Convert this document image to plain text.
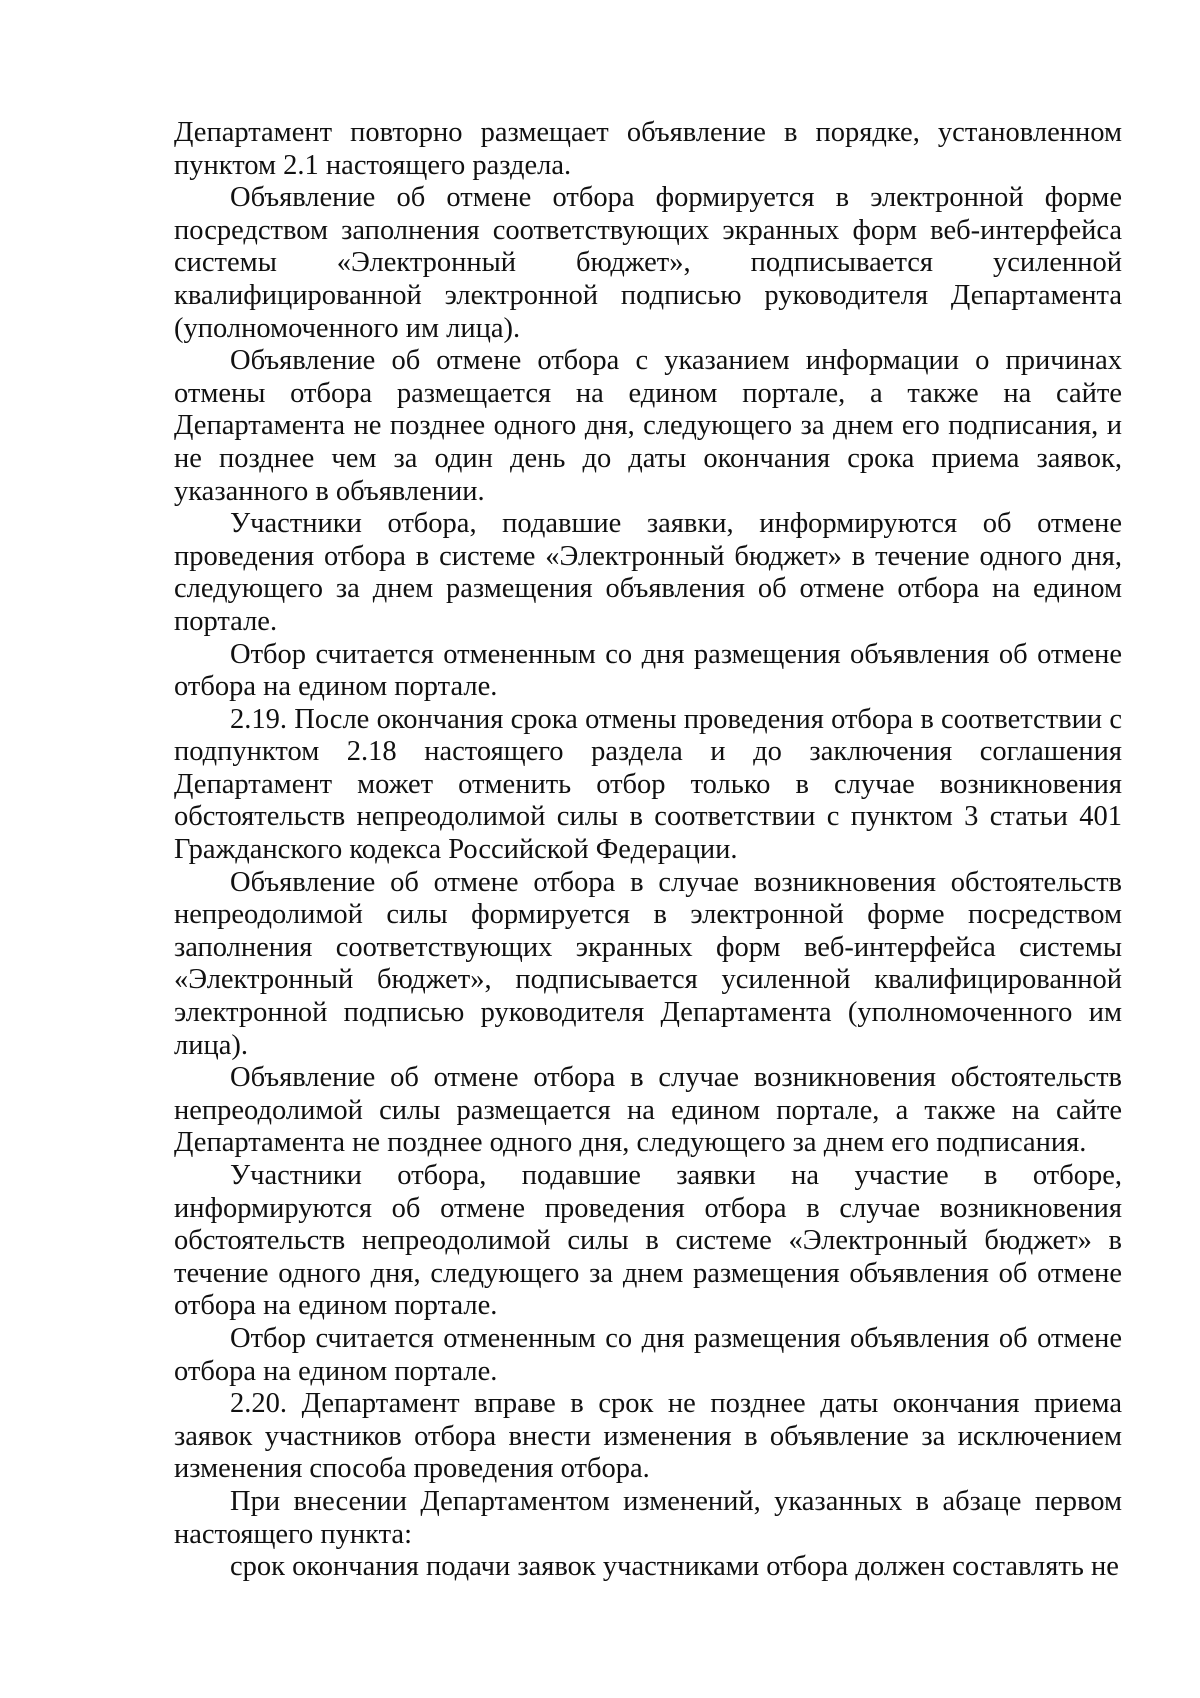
Департамент повторно размещает объявление в порядке, установленном пунктом 2.1 настоящего раздела.

Объявление об отмене отбора формируется в электронной форме посредством заполнения соответствующих экранных форм веб-интерфейса системы «Электронный бюджет», подписывается усиленной квалифицированной электронной подписью руководителя Департамента (уполномоченного им лица).

Объявление об отмене отбора с указанием информации о причинах отмены отбора размещается на едином портале, а также на сайте Департамента не позднее одного дня, следующего за днем его подписания, и не позднее чем за один день до даты окончания срока приема заявок, указанного в объявлении.

Участники отбора, подавшие заявки, информируются об отмене проведения отбора в системе «Электронный бюджет» в течение одного дня, следующего за днем размещения объявления об отмене отбора на едином портале.

Отбор считается отмененным со дня размещения объявления об отмене отбора на едином портале.

2.19. После окончания срока отмены проведения отбора в соответствии с подпунктом 2.18 настоящего раздела и до заключения соглашения Департамент может отменить отбор только в случае возникновения обстоятельств непреодолимой силы в соответствии с пунктом 3 статьи 401 Гражданского кодекса Российской Федерации.

Объявление об отмене отбора в случае возникновения обстоятельств непреодолимой силы формируется в электронной форме посредством заполнения соответствующих экранных форм веб-интерфейса системы «Электронный бюджет», подписывается усиленной квалифицированной электронной подписью руководителя Департамента (уполномоченного им лица).

Объявление об отмене отбора в случае возникновения обстоятельств непреодолимой силы размещается на едином портале, а также на сайте Департамента не позднее одного дня, следующего за днем его подписания.

Участники отбора, подавшие заявки на участие в отборе, информируются об отмене проведения отбора в случае возникновения обстоятельств непреодолимой силы в системе «Электронный бюджет» в течение одного дня, следующего за днем размещения объявления об отмене отбора на едином портале.

Отбор считается отмененным со дня размещения объявления об отмене отбора на едином портале.

2.20. Департамент вправе в срок не позднее даты окончания приема заявок участников отбора внести изменения в объявление за исключением изменения способа проведения отбора.

При внесении Департаментом изменений, указанных в абзаце первом настоящего пункта:

срок окончания подачи заявок участниками отбора должен составлять не
